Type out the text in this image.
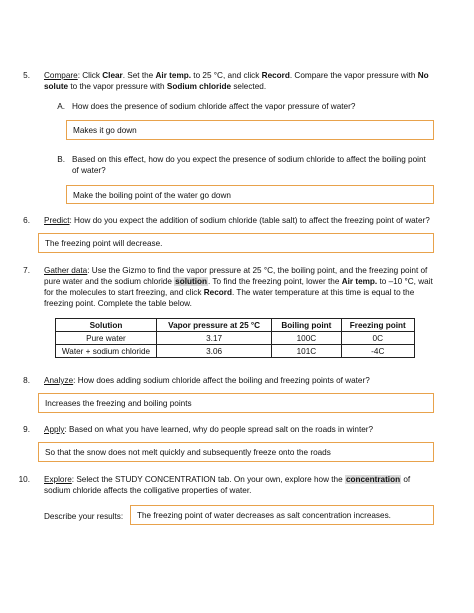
5. Compare: Click Clear. Set the Air temp. to 25 °C, and click Record. Compare the vapor pressure with No
solute to the vapor pressure with Sodium chloride selected.
A. How does the presence of sodium chloride affect the vapor pressure of water?
Makes it go down
B. Based on this effect, how do you expect the presence of sodium chloride to affect the boiling point
of water?
Make the boiling point of the water go down
6. Predict: How do you expect the addition of sodium chloride (table salt) to affect the freezing point of water?
The freezing point will decrease.
7. Gather data: Use the Gizmo to find the vapor pressure at 25 °C, the boiling point, and the freezing point of
pure water and the sodium chloride solution. To find the freezing point, lower the Air temp. to –10 °C, wait
for the molecules to start freezing, and click Record. The water temperature at this time is equal to the
freezing point. Complete the table below.
Solution	Vapor pressure at 25 °C	Boiling point	Freezing point
Pure water	3.17	100C	0C
Water + sodium chloride	3.06	101C	-4C
8. Analyze: How does adding sodium chloride affect the boiling and freezing points of water?
Increases the freezing and boiling points
9. Apply: Based on what you have learned, why do people spread salt on the roads in winter?
So that the snow does not melt quickly and subsequently freeze onto the roads
10. Explore: Select the STUDY CONCENTRATION tab. On your own, explore how the concentration of
sodium chloride affects the colligative properties of water.
Describe your results:	The freezing point of water decreases as salt concentration increases.
